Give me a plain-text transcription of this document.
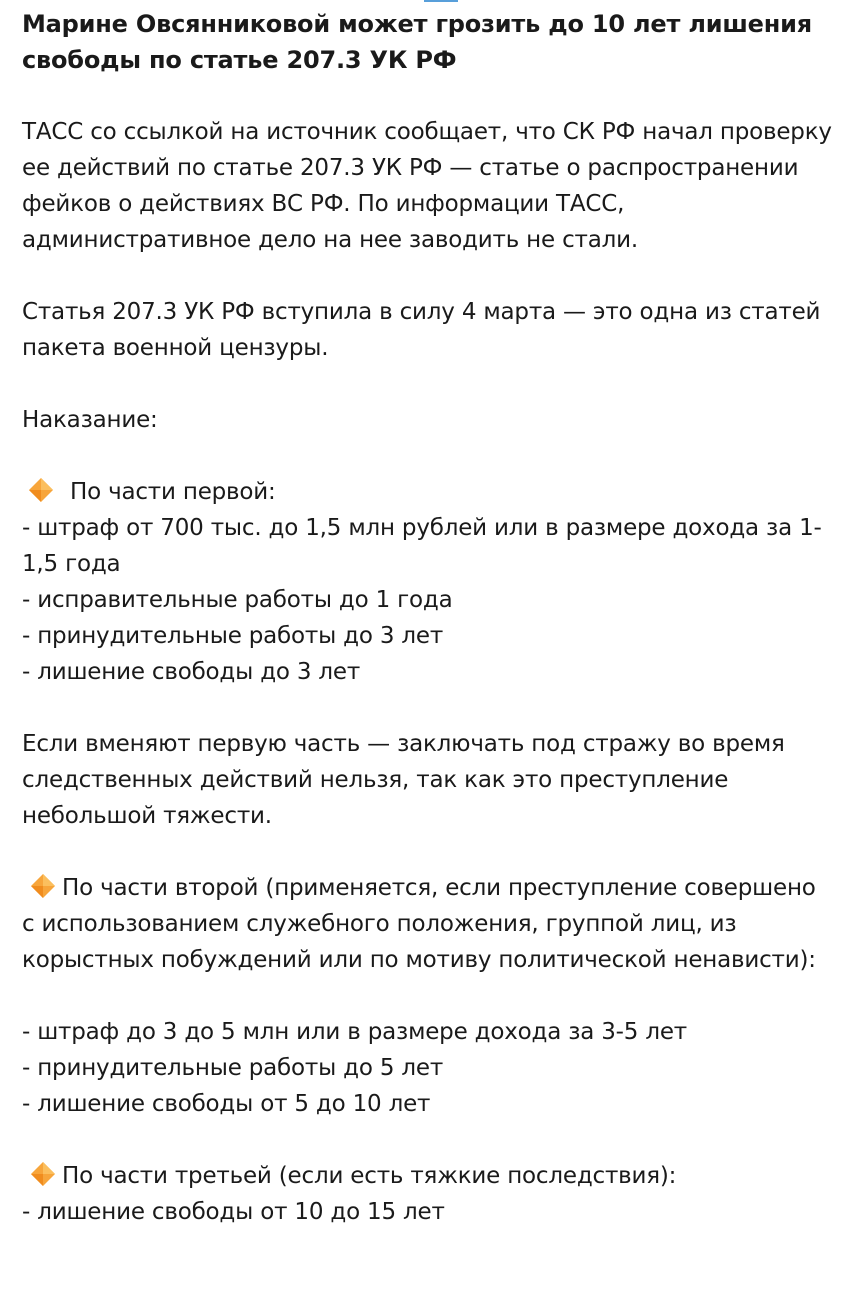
Марине Овсянниковой может грозить до 10 лет лишения свободы по статье 207.3 УК РФ

ТАСС со ссылкой на источник сообщает, что СК РФ начал проверку ее действий по статье 207.3 УК РФ — статье о распространении фейков о действиях ВС РФ. По информации ТАСС, административное дело на нее заводить не стали.

Статья 207.3 УК РФ вступила в силу 4 марта — это одна из статей пакета военной цензуры.

Наказание:

По части первой:

- штраф от 700 тыс. до 1,5 млн рублей или в размере дохода за 1-1,5 года

- исправительные работы до 1 года

- принудительные работы до 3 лет

- лишение свободы до 3 лет

Если вменяют первую часть — заключать под стражу во время следственных действий нельзя, так как это преступление небольшой тяжести.

По части второй (применяется, если преступление совершено с использованием служебного положения, группой лиц, из корыстных побуждений или по мотиву политической ненависти):

- штраф до 3 до 5 млн или в размере дохода за 3-5 лет

- принудительные работы до 5 лет

- лишение свободы от 5 до 10 лет

По части третьей (если есть тяжкие последствия):

- лишение свободы от 10 до 15 лет
